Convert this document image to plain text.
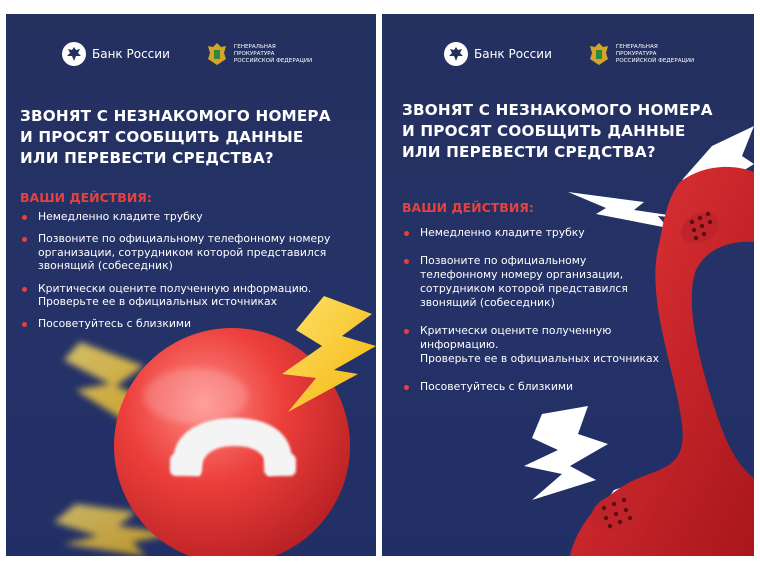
Банк России
ГЕНЕРАЛЬНАЯ ПРОКУРАТУРА РОССИЙСКОЙ ФЕДЕРАЦИИ
ЗВОНЯТ С НЕЗНАКОМОГО НОМЕРА
И ПРОСЯТ СООБЩИТЬ ДАННЫЕ
ИЛИ ПЕРЕВЕСТИ СРЕДСТВА?
ВАШИ ДЕЙСТВИЯ:
Немедленно кладите трубку
Позвоните по официальному телефонному номеру
организации, сотрудником которой представился
звонящий (собеседник)
Критически оцените полученную информацию.
Проверьте ее в официальных источниках
Посоветуйтесь с близкими
Банк России
ГЕНЕРАЛЬНАЯ ПРОКУРАТУРА РОССИЙСКОЙ ФЕДЕРАЦИИ
ЗВОНЯТ С НЕЗНАКОМОГО НОМЕРА
И ПРОСЯТ СООБЩИТЬ ДАННЫЕ
ИЛИ ПЕРЕВЕСТИ СРЕДСТВА?
ВАШИ ДЕЙСТВИЯ:
Немедленно кладите трубку
Позвоните по официальному
телефонному номеру организации,
сотрудником которой представился
звонящий (собеседник)
Критически оцените полученную информацию.
Проверьте ее в официальных источниках
Посоветуйтесь с близкими
